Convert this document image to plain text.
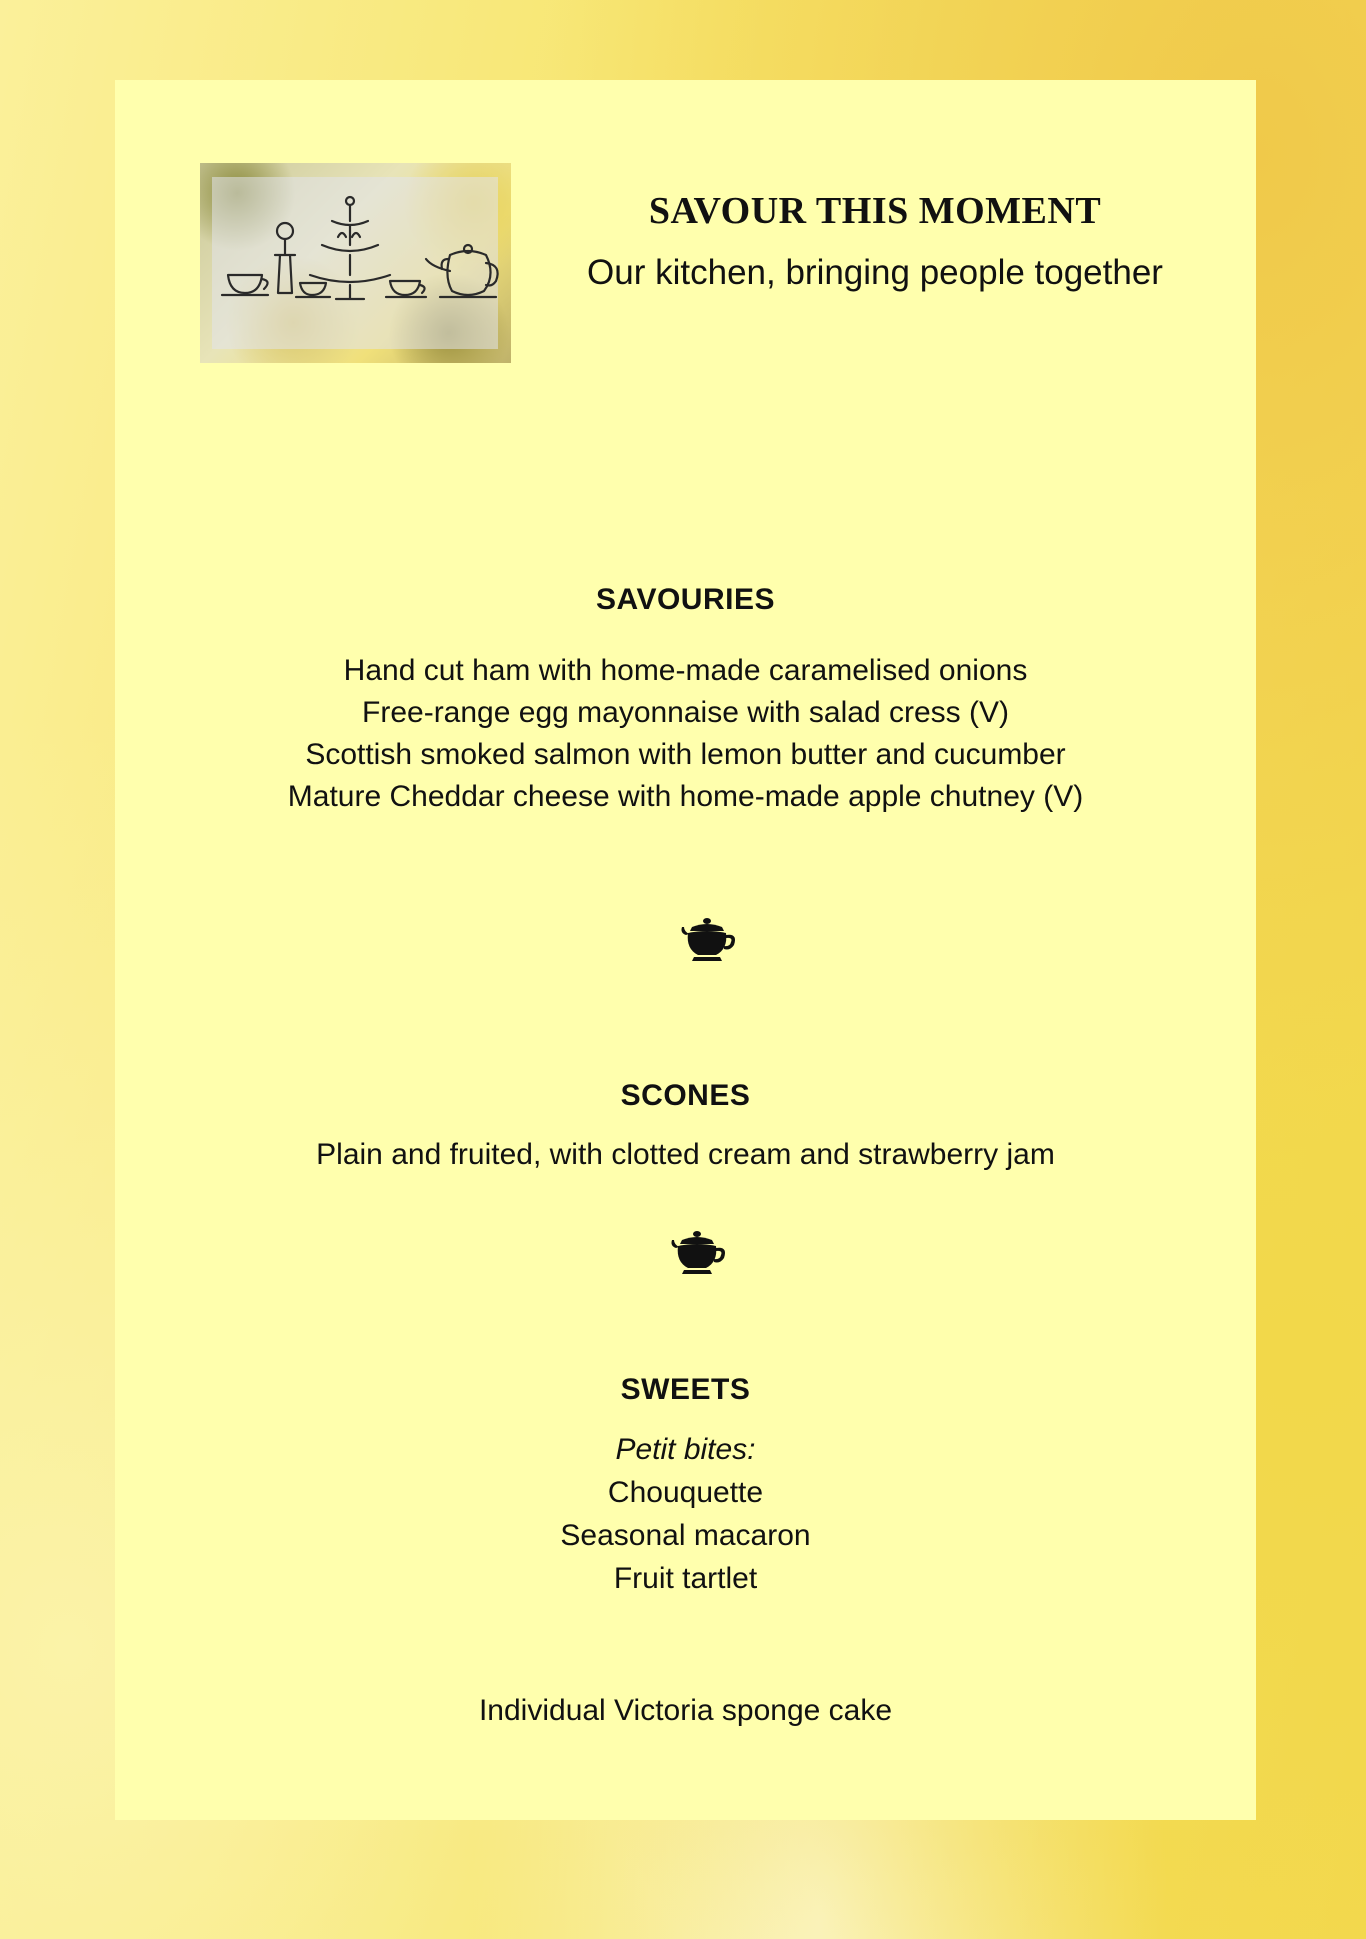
SAVOUR THIS MOMENT
Our kitchen, bringing people together
SAVOURIES
Hand cut ham with home-made caramelised onions
Free-range egg mayonnaise with salad cress (V)
Scottish smoked salmon with lemon butter and cucumber
Mature Cheddar cheese with home-made apple chutney (V)
SCONES
Plain and fruited, with clotted cream and strawberry jam
SWEETS
Petit bites:
Chouquette
Seasonal macaron
Fruit tartlet
Individual Victoria sponge cake
